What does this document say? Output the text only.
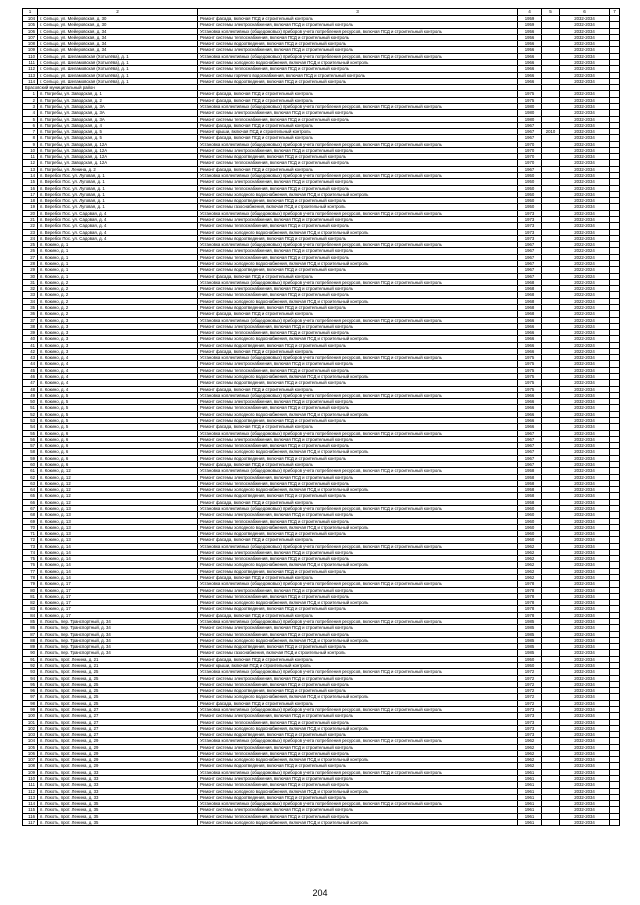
1	2	3	4	5	6	7
104	г. Сельцо, ул. Мейеровская, д. 30	Ремонт фасада, включая ПСД и строительный контроль	1959		2032-2034	
105	г. Сельцо, ул. Мейеровская, д. 30	Ремонт системы электроснабжения, включая ПСД и строительный контроль	1959		2032-2034	
106	г. Сельцо, ул. Мейеровская, д. 34	Установка коллективных (общедомовых) приборов учета потребления ресурсов, включая ПСД и строительный контроль	1956		2032-2034	
107	г. Сельцо, ул. Мейеровская, д. 34	Ремонт системы теплоснабжения, включая ПСД и строительный контроль	1956		2032-2034	
108	г. Сельцо, ул. Мейеровская, д. 34	Ремонт системы водоотведения, включая ПСД и строительный контроль	1956		2032-2034	
109	г. Сельцо, ул. Мейеровская, д. 34	Ремонт системы электроснабжения, включая ПСД и строительный контроль	1956		2032-2034	
110	г. Сельцо, ул. Шеламовская (Хотылёва), д. 1	Установка коллективных (общедомовых) приборов учета потребления ресурсов, включая ПСД и строительный контроль	1966		2032-2034	
111	г. Сельцо, ул. Шеламовская (Хотылёва), д. 1	Ремонт системы холодного водоснабжения, включая ПСД и строительный контроль	1966		2032-2034	
112	г. Сельцо, ул. Шеламовская (Хотылёва), д. 1	Ремонт системы теплоснабжения, включая ПСД и строительный контроль	1966		2032-2034	
113	г. Сельцо, ул. Шеламовская (Хотылёва), д. 1	Ремонт системы горячего водоснабжения, включая ПСД и строительный контроль	1966		2032-2034	
114	г. Сельцо, ул. Шеламовская (Хотылёва), д. 1	Ремонт системы водоотведения, включая ПСД и строительный контроль	1966		2032-2034	
Брасовский муниципальный район						
1	п. Погребы, ул. Заводская, д. 1	Ремонт фасада, включая ПСД и строительный контроль	1975		2032-2034	
2	п. Погребы, ул. Заводская, д. 2	Ремонт фасада, включая ПСД и строительный контроль	1975		2032-2034	
3	п. Погребы, ул. Заводская, д. 3А	Установка коллективных (общедомовых) приборов учета потребления ресурсов, включая ПСД и строительный контроль	1980		2032-2034	
4	п. Погребы, ул. Заводская, д. 3А	Ремонт системы электроснабжения, включая ПСД и строительный контроль	1980		2032-2034	
5	п. Погребы, ул. Заводская, д. 3А	Ремонт системы теплоснабжения, включая ПСД и строительный контроль	1980		2032-2034	
6	п. Погребы, ул. Заводская, д. 4	Ремонт фасада, включая ПСД и строительный контроль	1967		2032-2034	
7	п. Погребы, ул. Заводская, д. 5	Ремонт крыши, включая ПСД и строительный контроль	1967	2010	2032-2034	
8	п. Погребы, ул. Заводская, д. 5	Ремонт фасада, включая ПСД и строительный контроль	1967		2032-2034	
9	п. Погребы, ул. Заводская, д. 12А	Установка коллективных (общедомовых) приборов учета потребления ресурсов, включая ПСД и строительный контроль	1970		2032-2034	
10	п. Погребы, ул. Заводская, д. 12А	Ремонт системы электроснабжения, включая ПСД и строительный контроль	1970		2032-2034	
11	п. Погребы, ул. Заводская, д. 12А	Ремонт системы водоотведения, включая ПСД и строительный контроль	1970		2032-2034	
12	п. Погребы, ул. Заводская, д. 12А	Ремонт системы теплоснабжения, включая ПСД и строительный контроль	1970		2032-2034	
13	п. Погребы, ул. Ленина, д. 2	Ремонт фасада, включая ПСД и строительный контроль	1967		2032-2034	
14	п. Веребск Пос. ул. Луговая, д. 1	Установка коллективных (общедомовых) приборов учета потребления ресурсов, включая ПСД и строительный контроль	1950		2032-2034	
15	п. Веребск Пос. ул. Луговая, д. 1	Ремонт системы электроснабжения, включая ПСД и строительный контроль	1950		2032-2034	
16	п. Веребск Пос. ул. Луговая, д. 1	Ремонт системы теплоснабжения, включая ПСД и строительный контроль	1950		2032-2034	
17	п. Веребск Пос. ул. Луговая, д. 1	Ремонт системы холодного водоснабжения, включая ПСД и строительный контроль	1950		2032-2034	
18	п. Веребск Пос. ул. Луговая, д. 1	Ремонт системы водоотведения, включая ПСД и строительный контроль	1950		2032-2034	
19	п. Веребск Пос. ул. Луговая, д. 1	Ремонт системы газоснабжения, включая ПСД и строительный контроль	1950		2032-2034	
20	п. Веребск Пос. ул. Садовая, д. 4	Установка коллективных (общедомовых) приборов учета потребления ресурсов, включая ПСД и строительный контроль	1973		2032-2034	
21	п. Веребск Пос. ул. Садовая, д. 4	Ремонт системы электроснабжения, включая ПСД и строительный контроль	1973		2032-2034	
22	п. Веребск Пос. ул. Садовая, д. 4	Ремонт системы теплоснабжения, включая ПСД и строительный контроль	1973		2032-2034	
23	п. Веребск Пос. ул. Садовая, д. 4	Ремонт системы холодного водоснабжения, включая ПСД и строительный контроль	1973		2032-2034	
24	п. Веребск Пос. ул. Садовая, д. 4	Ремонт системы водоотведения, включая ПСД и строительный контроль	1973		2032-2034	
25	п. Кокино, д. 1	Установка коллективных (общедомовых) приборов учета потребления ресурсов, включая ПСД и строительный контроль	1967		2022-2024	
26	п. Кокино, д. 1	Ремонт системы электроснабжения, включая ПСД и строительный контроль	1967		2022-2024	
27	п. Кокино, д. 1	Ремонт системы теплоснабжения, включая ПСД и строительный контроль	1967		2022-2024	
28	п. Кокино, д. 1	Ремонт системы холодного водоснабжения, включая ПСД и строительный контроль	1967		2022-2024	
29	п. Кокино, д. 1	Ремонт системы водоотведения, включая ПСД и строительный контроль	1967		2022-2024	
30	п. Кокино, д. 1	Ремонт фасада, включая ПСД и строительный контроль	1967		2022-2024	
31	п. Кокино, д. 2	Установка коллективных (общедомовых) приборов учета потребления ресурсов, включая ПСД и строительный контроль	1968		2022-2024	
32	п. Кокино, д. 2	Ремонт системы электроснабжения, включая ПСД и строительный контроль	1968		2022-2024	
33	п. Кокино, д. 2	Ремонт системы теплоснабжения, включая ПСД и строительный контроль	1968		2022-2024	
34	п. Кокино, д. 2	Ремонт системы холодного водоснабжения, включая ПСД и строительный контроль	1968		2022-2024	
35	п. Кокино, д. 2	Ремонт системы водоотведения, включая ПСД и строительный контроль	1968		2022-2024	
36	п. Кокино, д. 2	Ремонт фасада, включая ПСД и строительный контроль	1968		2022-2024	
37	п. Кокино, д. 3	Установка коллективных (общедомовых) приборов учета потребления ресурсов, включая ПСД и строительный контроль	1966		2022-2024	
38	п. Кокино, д. 3	Ремонт системы электроснабжения, включая ПСД и строительный контроль	1966		2022-2024	
39	п. Кокино, д. 3	Ремонт системы теплоснабжения, включая ПСД и строительный контроль	1966		2022-2024	
40	п. Кокино, д. 3	Ремонт системы холодного водоснабжения, включая ПСД и строительный контроль	1966		2022-2024	
41	п. Кокино, д. 3	Ремонт системы водоотведения, включая ПСД и строительный контроль	1966		2022-2024	
42	п. Кокино, д. 3	Ремонт фасада, включая ПСД и строительный контроль	1966		2022-2024	
43	п. Кокино, д. 4	Установка коллективных (общедомовых) приборов учета потребления ресурсов, включая ПСД и строительный контроль	1975		2032-2034	
44	п. Кокино, д. 4	Ремонт системы электроснабжения, включая ПСД и строительный контроль	1975		2032-2034	
45	п. Кокино, д. 4	Ремонт системы теплоснабжения, включая ПСД и строительный контроль	1975		2032-2034	
46	п. Кокино, д. 4	Ремонт системы холодного водоснабжения, включая ПСД и строительный контроль	1975		2032-2034	
47	п. Кокино, д. 4	Ремонт системы водоотведения, включая ПСД и строительный контроль	1975		2032-2034	
48	п. Кокино, д. 4	Ремонт фасада, включая ПСД и строительный контроль	1975		2032-2034	
49	п. Кокино, д. 5	Установка коллективных (общедомовых) приборов учета потребления ресурсов, включая ПСД и строительный контроль	1966		2032-2034	
50	п. Кокино, д. 5	Ремонт системы электроснабжения, включая ПСД и строительный контроль	1966		2032-2034	
51	п. Кокино, д. 5	Ремонт системы теплоснабжения, включая ПСД и строительный контроль	1966		2032-2034	
52	п. Кокино, д. 5	Ремонт системы холодного водоснабжения, включая ПСД и строительный контроль	1966		2032-2034	
53	п. Кокино, д. 5	Ремонт системы водоотведения, включая ПСД и строительный контроль	1966		2032-2034	
54	п. Кокино, д. 5	Ремонт фасада, включая ПСД и строительный контроль	1966		2032-2034	
55	п. Кокино, д. 6	Установка коллективных (общедомовых) приборов учета потребления ресурсов, включая ПСД и строительный контроль	1967		2032-2034	
56	п. Кокино, д. 6	Ремонт системы электроснабжения, включая ПСД и строительный контроль	1967		2032-2034	
57	п. Кокино, д. 6	Ремонт системы теплоснабжения, включая ПСД и строительный контроль	1967		2032-2034	
58	п. Кокино, д. 6	Ремонт системы холодного водоснабжения, включая ПСД и строительный контроль	1967		2032-2034	
59	п. Кокино, д. 6	Ремонт системы водоотведения, включая ПСД и строительный контроль	1967		2032-2034	
60	п. Кокино, д. 6	Ремонт фасада, включая ПСД и строительный контроль	1967		2032-2034	
61	п. Кокино, д. 12	Установка коллективных (общедомовых) приборов учета потребления ресурсов, включая ПСД и строительный контроль	1958		2032-2034	
62	п. Кокино, д. 12	Ремонт системы электроснабжения, включая ПСД и строительный контроль	1958		2032-2034	
63	п. Кокино, д. 12	Ремонт системы теплоснабжения, включая ПСД и строительный контроль	1958		2032-2034	
64	п. Кокино, д. 12	Ремонт системы холодного водоснабжения, включая ПСД и строительный контроль	1958		2032-2034	
65	п. Кокино, д. 12	Ремонт системы водоотведения, включая ПСД и строительный контроль	1958		2032-2034	
66	п. Кокино, д. 12	Ремонт фасада, включая ПСД и строительный контроль	1958		2032-2034	
67	п. Кокино, д. 13	Установка коллективных (общедомовых) приборов учета потребления ресурсов, включая ПСД и строительный контроль	1960		2032-2034	
68	п. Кокино, д. 13	Ремонт системы электроснабжения, включая ПСД и строительный контроль	1960		2032-2034	
69	п. Кокино, д. 13	Ремонт системы теплоснабжения, включая ПСД и строительный контроль	1960		2032-2034	
70	п. Кокино, д. 13	Ремонт системы холодного водоснабжения, включая ПСД и строительный контроль	1960		2032-2034	
71	п. Кокино, д. 13	Ремонт системы водоотведения, включая ПСД и строительный контроль	1960		2032-2034	
72	п. Кокино, д. 13	Ремонт фасада, включая ПСД и строительный контроль	1960		2032-2034	
73	п. Кокино, д. 14	Установка коллективных (общедомовых) приборов учета потребления ресурсов, включая ПСД и строительный контроль	1962		2032-2034	
74	п. Кокино, д. 14	Ремонт системы электроснабжения, включая ПСД и строительный контроль	1962		2032-2034	
75	п. Кокино, д. 14	Ремонт системы теплоснабжения, включая ПСД и строительный контроль	1962		2032-2034	
76	п. Кокино, д. 14	Ремонт системы холодного водоснабжения, включая ПСД и строительный контроль	1962		2032-2034	
77	п. Кокино, д. 14	Ремонт системы водоотведения, включая ПСД и строительный контроль	1962		2032-2034	
78	п. Кокино, д. 14	Ремонт фасада, включая ПСД и строительный контроль	1962		2032-2034	
79	п. Кокино, д. 17	Установка коллективных (общедомовых) приборов учета потребления ресурсов, включая ПСД и строительный контроль	1978		2032-2034	
80	п. Кокино, д. 17	Ремонт системы электроснабжения, включая ПСД и строительный контроль	1978		2032-2034	
81	п. Кокино, д. 17	Ремонт системы теплоснабжения, включая ПСД и строительный контроль	1978		2032-2034	
82	п. Кокино, д. 17	Ремонт системы холодного водоснабжения, включая ПСД и строительный контроль	1978		2032-2034	
83	п. Кокино, д. 17	Ремонт системы водоотведения, включая ПСД и строительный контроль	1978		2032-2034	
84	п. Кокино, д. 17	Ремонт фасада, включая ПСД и строительный контроль	1978		2032-2034	
85	п. Локоть, пер. Транспортный, д. 34	Установка коллективных (общедомовых) приборов учета потребления ресурсов, включая ПСД и строительный контроль	1985		2032-2034	
86	п. Локоть, пер. Транспортный, д. 34	Ремонт системы электроснабжения, включая ПСД и строительный контроль	1985		2032-2034	
87	п. Локоть, пер. Транспортный, д. 34	Ремонт системы теплоснабжения, включая ПСД и строительный контроль	1985		2032-2034	
88	п. Локоть, пер. Транспортный, д. 34	Ремонт системы холодного водоснабжения, включая ПСД и строительный контроль	1985		2032-2034	
89	п. Локоть, пер. Транспортный, д. 34	Ремонт системы водоотведения, включая ПСД и строительный контроль	1985		2032-2034	
90	п. Локоть, пер. Транспортный, д. 34	Ремонт системы газоснабжения, включая ПСД и строительный контроль	1985		2032-2034	
91	п. Локоть, прот. Ленина, д. 21	Ремонт фасада, включая ПСД и строительный контроль	1950		2032-2034	
92	п. Локоть, прот. Ленина, д. 21	Ремонт крыши, включая ПСД и строительный контроль	1950		2032-2034	
93	п. Локоть, прот. Ленина, д. 25	Установка коллективных (общедомовых) приборов учета потребления ресурсов, включая ПСД и строительный контроль	1972		2032-2034	
94	п. Локоть, прот. Ленина, д. 25	Ремонт системы электроснабжения, включая ПСД и строительный контроль	1972		2032-2034	
95	п. Локоть, прот. Ленина, д. 25	Ремонт системы теплоснабжения, включая ПСД и строительный контроль	1972		2032-2034	
96	п. Локоть, прот. Ленина, д. 25	Ремонт системы водоотведения, включая ПСД и строительный контроль	1972		2032-2034	
97	п. Локоть, прот. Ленина, д. 25	Ремонт системы холодного водоснабжения, включая ПСД и строительный контроль	1972		2032-2034	
98	п. Локоть, прот. Ленина, д. 25	Ремонт фасада, включая ПСД и строительный контроль	1972		2032-2034	
99	п. Локоть, прот. Ленина, д. 27	Установка коллективных (общедомовых) приборов учета потребления ресурсов, включая ПСД и строительный контроль	1973		2032-2034	
100	п. Локоть, прот. Ленина, д. 27	Ремонт системы электроснабжения, включая ПСД и строительный контроль	1973		2032-2034	
101	п. Локоть, прот. Ленина, д. 27	Ремонт системы теплоснабжения, включая ПСД и строительный контроль	1973		2032-2034	
102	п. Локоть, прот. Ленина, д. 27	Ремонт системы холодного водоснабжения, включая ПСД и строительный контроль	1973		2032-2034	
103	п. Локоть, прот. Ленина, д. 27	Ремонт системы водоотведения, включая ПСД и строительный контроль	1973		2032-2034	
104	п. Локоть, прот. Ленина, д. 29	Установка коллективных (общедомовых) приборов учета потребления ресурсов, включая ПСД и строительный контроль	1962		2032-2034	
105	п. Локоть, прот. Ленина, д. 29	Ремонт системы электроснабжения, включая ПСД и строительный контроль	1962		2032-2034	
106	п. Локоть, прот. Ленина, д. 29	Ремонт системы теплоснабжения, включая ПСД и строительный контроль	1962		2032-2034	
107	п. Локоть, прот. Ленина, д. 29	Ремонт системы холодного водоснабжения, включая ПСД и строительный контроль	1962		2032-2034	
108	п. Локоть, прот. Ленина, д. 29	Ремонт системы водоотведения, включая ПСД и строительный контроль	1962		2032-2034	
109	п. Локоть, прот. Ленина, д. 33	Установка коллективных (общедомовых) приборов учета потребления ресурсов, включая ПСД и строительный контроль	1961		2032-2034	
110	п. Локоть, прот. Ленина, д. 33	Ремонт системы электроснабжения, включая ПСД и строительный контроль	1961		2032-2034	
111	п. Локоть, прот. Ленина, д. 33	Ремонт системы теплоснабжения, включая ПСД и строительный контроль	1961		2032-2034	
112	п. Локоть, прот. Ленина, д. 33	Ремонт системы холодного водоснабжения, включая ПСД и строительный контроль	1961		2032-2034	
113	п. Локоть, прот. Ленина, д. 33	Ремонт системы водоотведения, включая ПСД и строительный контроль	1961		2032-2034	
114	п. Локоть, прот. Ленина, д. 35	Установка коллективных (общедомовых) приборов учета потребления ресурсов, включая ПСД и строительный контроль	1961		2032-2034	
115	п. Локоть, прот. Ленина, д. 35	Ремонт системы электроснабжения, включая ПСД и строительный контроль	1961		2032-2034	
116	п. Локоть, прот. Ленина, д. 35	Ремонт системы теплоснабжения, включая ПСД и строительный контроль	1961		2032-2034	
117	п. Локоть, прот. Ленина, д. 35	Ремонт системы холодного водоснабжения, включая ПСД и строительный контроль	1961		2032-2034	
204
